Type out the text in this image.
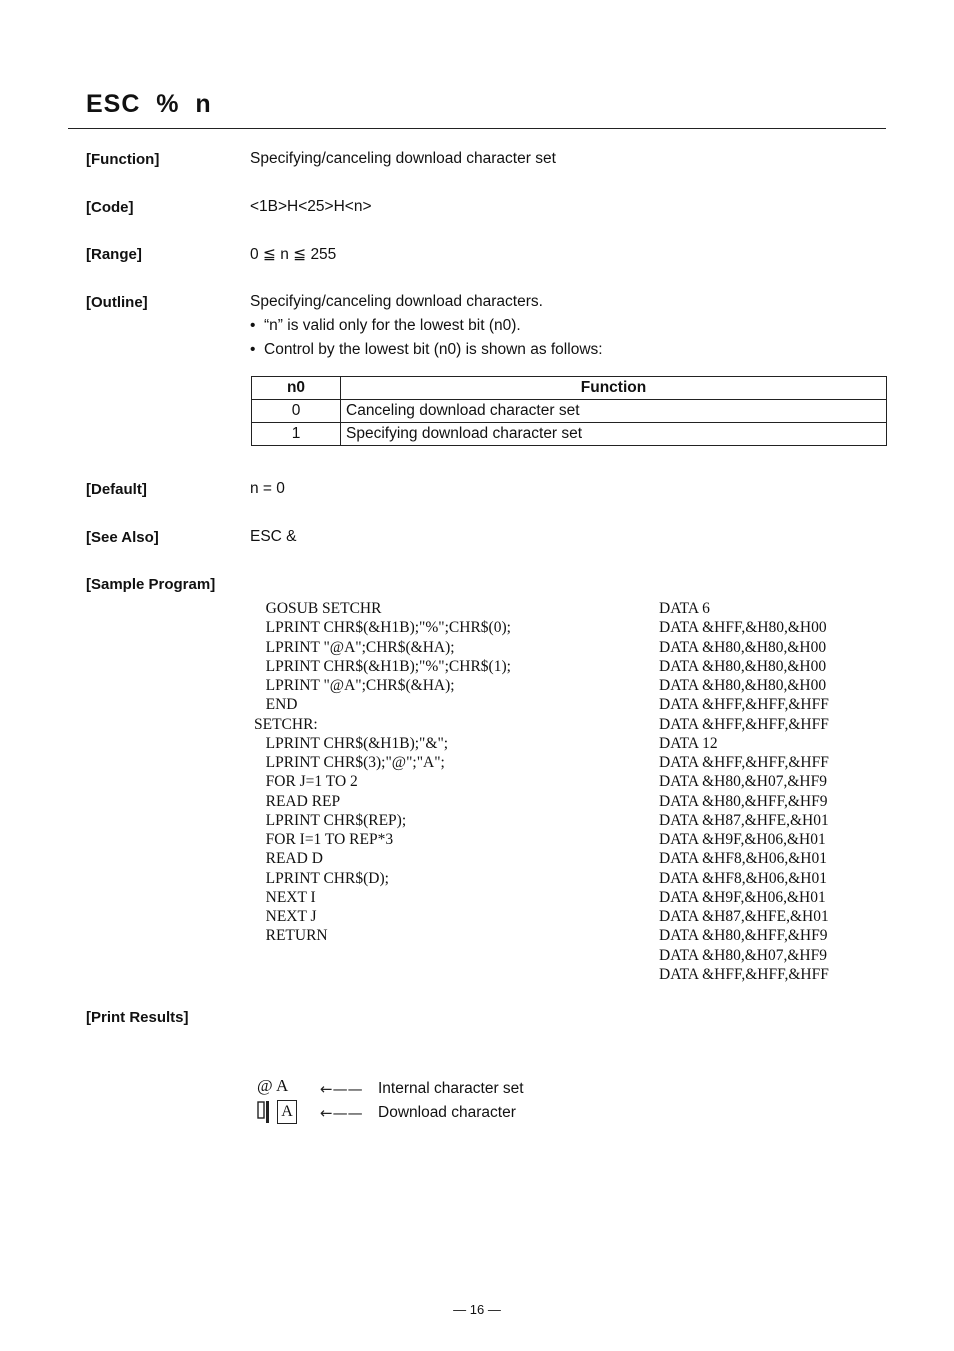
ESC  %  n
[Function]	Specifying/canceling download character set
[Code]	<1B>H<25>H<n>
[Range]	0 ≦ n ≦ 255
[Outline]	Specifying/canceling download characters.
• “n” is valid only for the lowest bit (n0).
• Control by the lowest bit (n0) is shown as follows:
n0	Function
0	Canceling download character set
1	Specifying download character set
[Default]	n = 0
[See Also]	ESC &
[Sample Program]
GOSUB SETCHR
LPRINT CHR$(&H1B);"%";CHR$(0);
LPRINT "@A";CHR$(&HA);
LPRINT CHR$(&H1B);"%";CHR$(1);
LPRINT "@A";CHR$(&HA);
END
SETCHR:
LPRINT CHR$(&H1B);"&";
LPRINT CHR$(3);"@";"A";
FOR J=1 TO 2
READ REP
LPRINT CHR$(REP);
FOR I=1 TO REP*3
READ D
LPRINT CHR$(D);
NEXT I
NEXT J
RETURN
DATA 6
DATA &HFF,&H80,&H00
DATA &H80,&H80,&H00
DATA &H80,&H80,&H00
DATA &H80,&H80,&H00
DATA &HFF,&HFF,&HFF
DATA &HFF,&HFF,&HFF
DATA 12
DATA &HFF,&HFF,&HFF
DATA &H80,&H07,&HF9
DATA &H80,&HFF,&HF9
DATA &H87,&HFE,&H01
DATA &H9F,&H06,&H01
DATA &HF8,&H06,&H01
DATA &HF8,&H06,&H01
DATA &H9F,&H06,&H01
DATA &H87,&HFE,&H01
DATA &H80,&HFF,&HF9
DATA &H80,&H07,&HF9
DATA &HFF,&HFF,&HFF
[Print Results]
@ A ←—— Internal character set
A ←—— Download character
— 16 —
